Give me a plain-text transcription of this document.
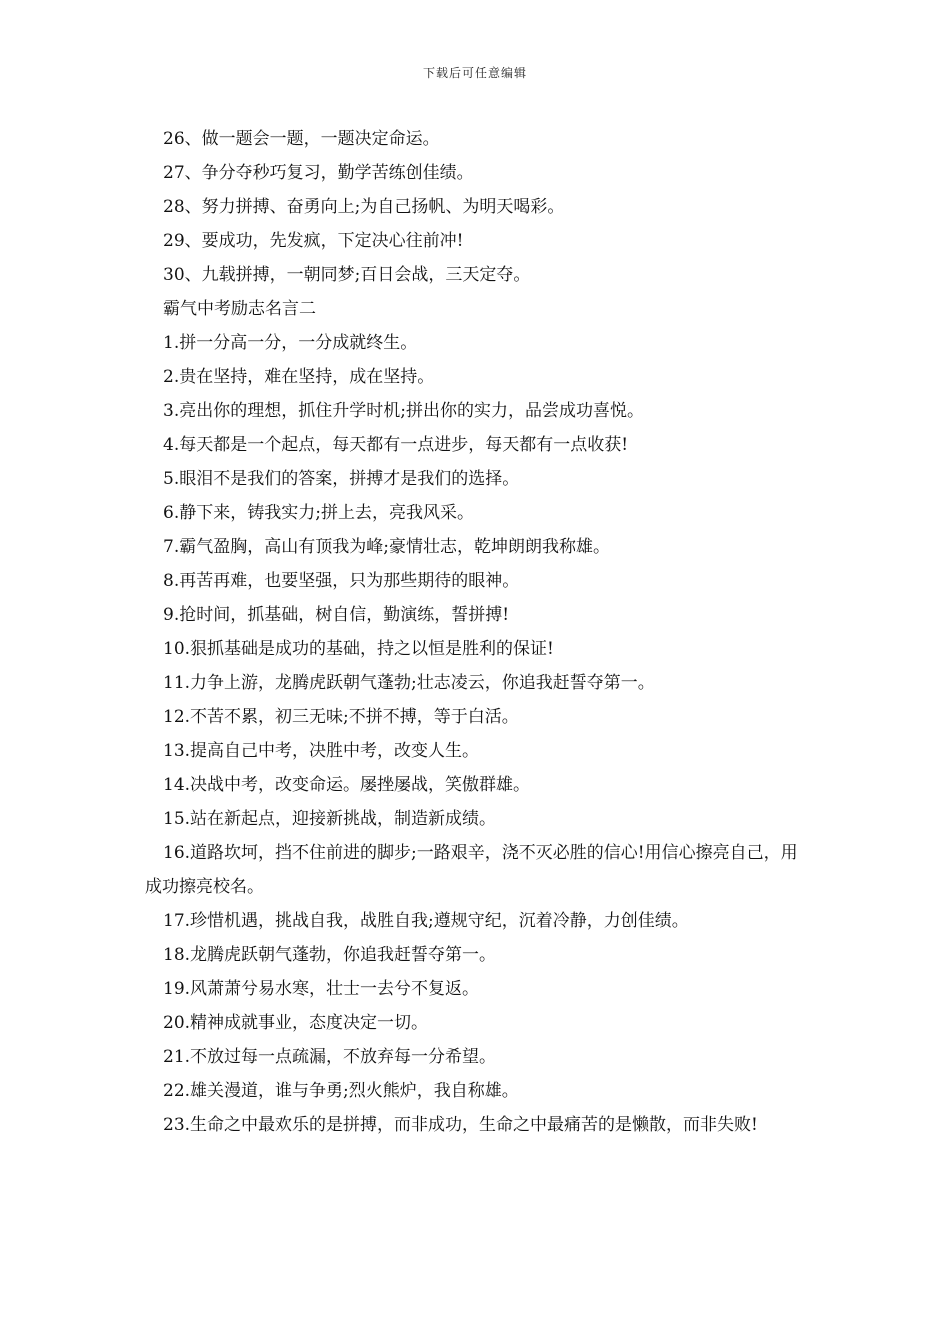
下载后可任意编辑
26、做一题会一题，一题决定命运。
27、争分夺秒巧复习，勤学苦练创佳绩。
28、努力拼搏、奋勇向上;为自己扬帆、为明天喝彩。
29、要成功，先发疯，下定决心往前冲!
30、九载拼搏，一朝同梦;百日会战，三天定夺。
霸气中考励志名言二
1.拼一分高一分，一分成就终生。
2.贵在坚持，难在坚持，成在坚持。
3.亮出你的理想，抓住升学时机;拼出你的实力，品尝成功喜悦。
4.每天都是一个起点，每天都有一点进步，每天都有一点收获!
5.眼泪不是我们的答案，拼搏才是我们的选择。
6.静下来，铸我实力;拼上去，亮我风采。
7.霸气盈胸，高山有顶我为峰;豪情壮志，乾坤朗朗我称雄。
8.再苦再难，也要坚强，只为那些期待的眼神。
9.抢时间，抓基础，树自信，勤演练，誓拼搏!
10.狠抓基础是成功的基础，持之以恒是胜利的保证!
11.力争上游，龙腾虎跃朝气蓬勃;壮志凌云，你追我赶誓夺第一。
12.不苦不累，初三无味;不拼不搏，等于白活。
13.提高自己中考，决胜中考，改变人生。
14.决战中考，改变命运。屡挫屡战，笑傲群雄。
15.站在新起点，迎接新挑战，制造新成绩。
16.道路坎坷，挡不住前进的脚步;一路艰辛，浇不灭必胜的信心!用信心擦亮自己，用成功擦亮校名。
17.珍惜机遇，挑战自我，战胜自我;遵规守纪，沉着冷静，力创佳绩。
18.龙腾虎跃朝气蓬勃，你追我赶誓夺第一。
19.风萧萧兮易水寒，壮士一去兮不复返。
20.精神成就事业，态度决定一切。
21.不放过每一点疏漏，不放弃每一分希望。
22.雄关漫道，谁与争勇;烈火熊炉，我自称雄。
23.生命之中最欢乐的是拼搏，而非成功，生命之中最痛苦的是懒散，而非失败!
